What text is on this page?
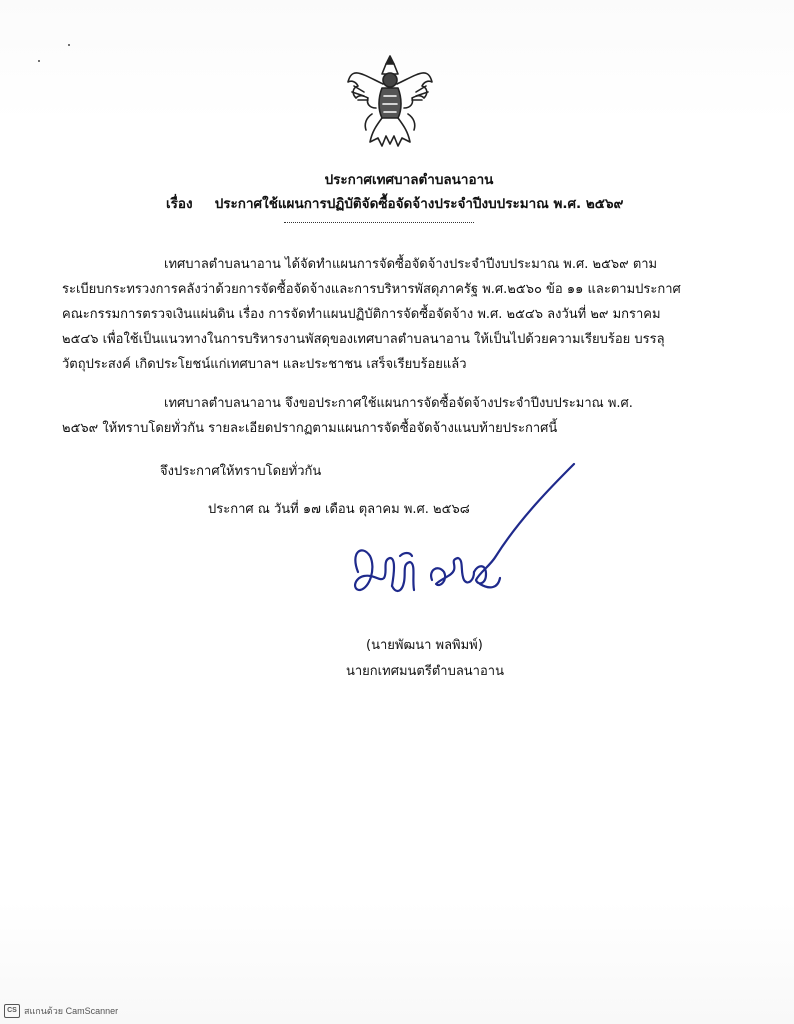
ประกาศเทศบาลตำบลนาอาน
เรื่อง ประกาศใช้แผนการปฏิบัติจัดซื้อจัดจ้างประจำปีงบประมาณ พ.ศ. ๒๕๖๙
เทศบาลตำบลนาอาน ได้จัดทำแผนการจัดซื้อจัดจ้างประจำปีงบประมาณ พ.ศ. ๒๕๖๙ ตาม
ระเบียบกระทรวงการคลังว่าด้วยการจัดซื้อจัดจ้างและการบริหารพัสดุภาครัฐ พ.ศ.๒๕๖๐ ข้อ ๑๑ และตามประกาศ
คณะกรรมการตรวจเงินแผ่นดิน เรื่อง การจัดทำแผนปฏิบัติการจัดซื้อจัดจ้าง พ.ศ. ๒๕๔๖ ลงวันที่ ๒๙ มกราคม
๒๕๔๖ เพื่อใช้เป็นแนวทางในการบริหารงานพัสดุของเทศบาลตำบลนาอาน ให้เป็นไปด้วยความเรียบร้อย บรรลุ
วัตถุประสงค์ เกิดประโยชน์แก่เทศบาลฯ และประชาชน เสร็จเรียบร้อยแล้ว
เทศบาลตำบลนาอาน จึงขอประกาศใช้แผนการจัดซื้อจัดจ้างประจำปีงบประมาณ พ.ศ.
๒๕๖๙ ให้ทราบโดยทั่วกัน รายละเอียดปรากฏตามแผนการจัดซื้อจัดจ้างแนบท้ายประกาศนี้
จึงประกาศให้ทราบโดยทั่วกัน
ประกาศ ณ วันที่ ๑๗ เดือน ตุลาคม พ.ศ. ๒๕๖๘
(นายพัฒนา พลพิมพ์)
นายกเทศมนตรีตำบลนาอาน
CS สแกนด้วย CamScanner
